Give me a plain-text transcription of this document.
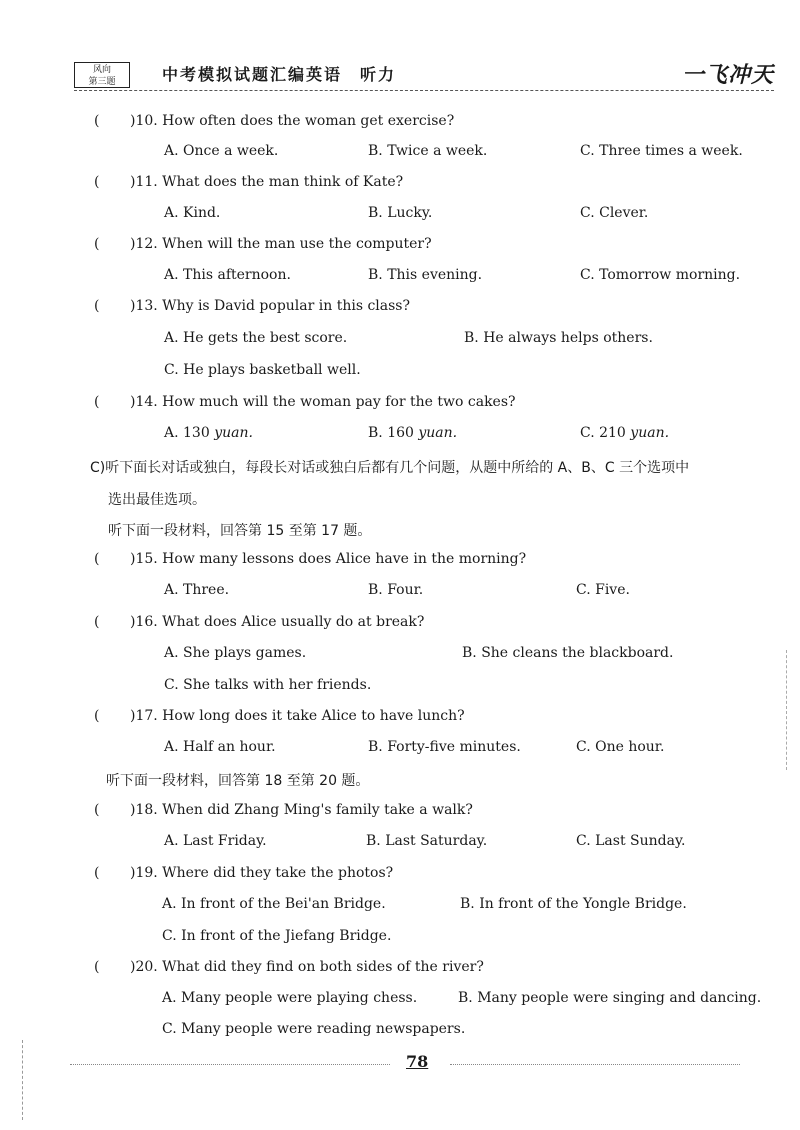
风向
第三题	中考模拟试题汇编英语　听力	一飞冲天
( )10. How often does the woman get exercise?
A. Once a week.	B. Twice a week.	C. Three times a week.
( )11. What does the man think of Kate?
A. Kind.	B. Lucky.	C. Clever.
( )12. When will the man use the computer?
A. This afternoon.	B. This evening.	C. Tomorrow morning.
( )13. Why is David popular in this class?
A. He gets the best score.	B. He always helps others.
C. He plays basketball well.
( )14. How much will the woman pay for the two cakes?
A. 130 yuan.	B. 160 yuan.	C. 210 yuan.
C)听下面长对话或独白，每段长对话或独白后都有几个问题，从题中所给的 A、B、C 三个选项中
选出最佳选项。
听下面一段材料，回答第 15 至第 17 题。
( )15. How many lessons does Alice have in the morning?
A. Three.	B. Four.	C. Five.
( )16. What does Alice usually do at break?
A. She plays games.	B. She cleans the blackboard.
C. She talks with her friends.
( )17. How long does it take Alice to have lunch?
A. Half an hour.	B. Forty-five minutes.	C. One hour.
听下面一段材料，回答第 18 至第 20 题。
( )18. When did Zhang Ming's family take a walk?
A. Last Friday.	B. Last Saturday.	C. Last Sunday.
( )19. Where did they take the photos?
A. In front of the Bei'an Bridge.	B. In front of the Yongle Bridge.
C. In front of the Jiefang Bridge.
( )20. What did they find on both sides of the river?
A. Many people were playing chess.	B. Many people were singing and dancing.
C. Many people were reading newspapers.
78
